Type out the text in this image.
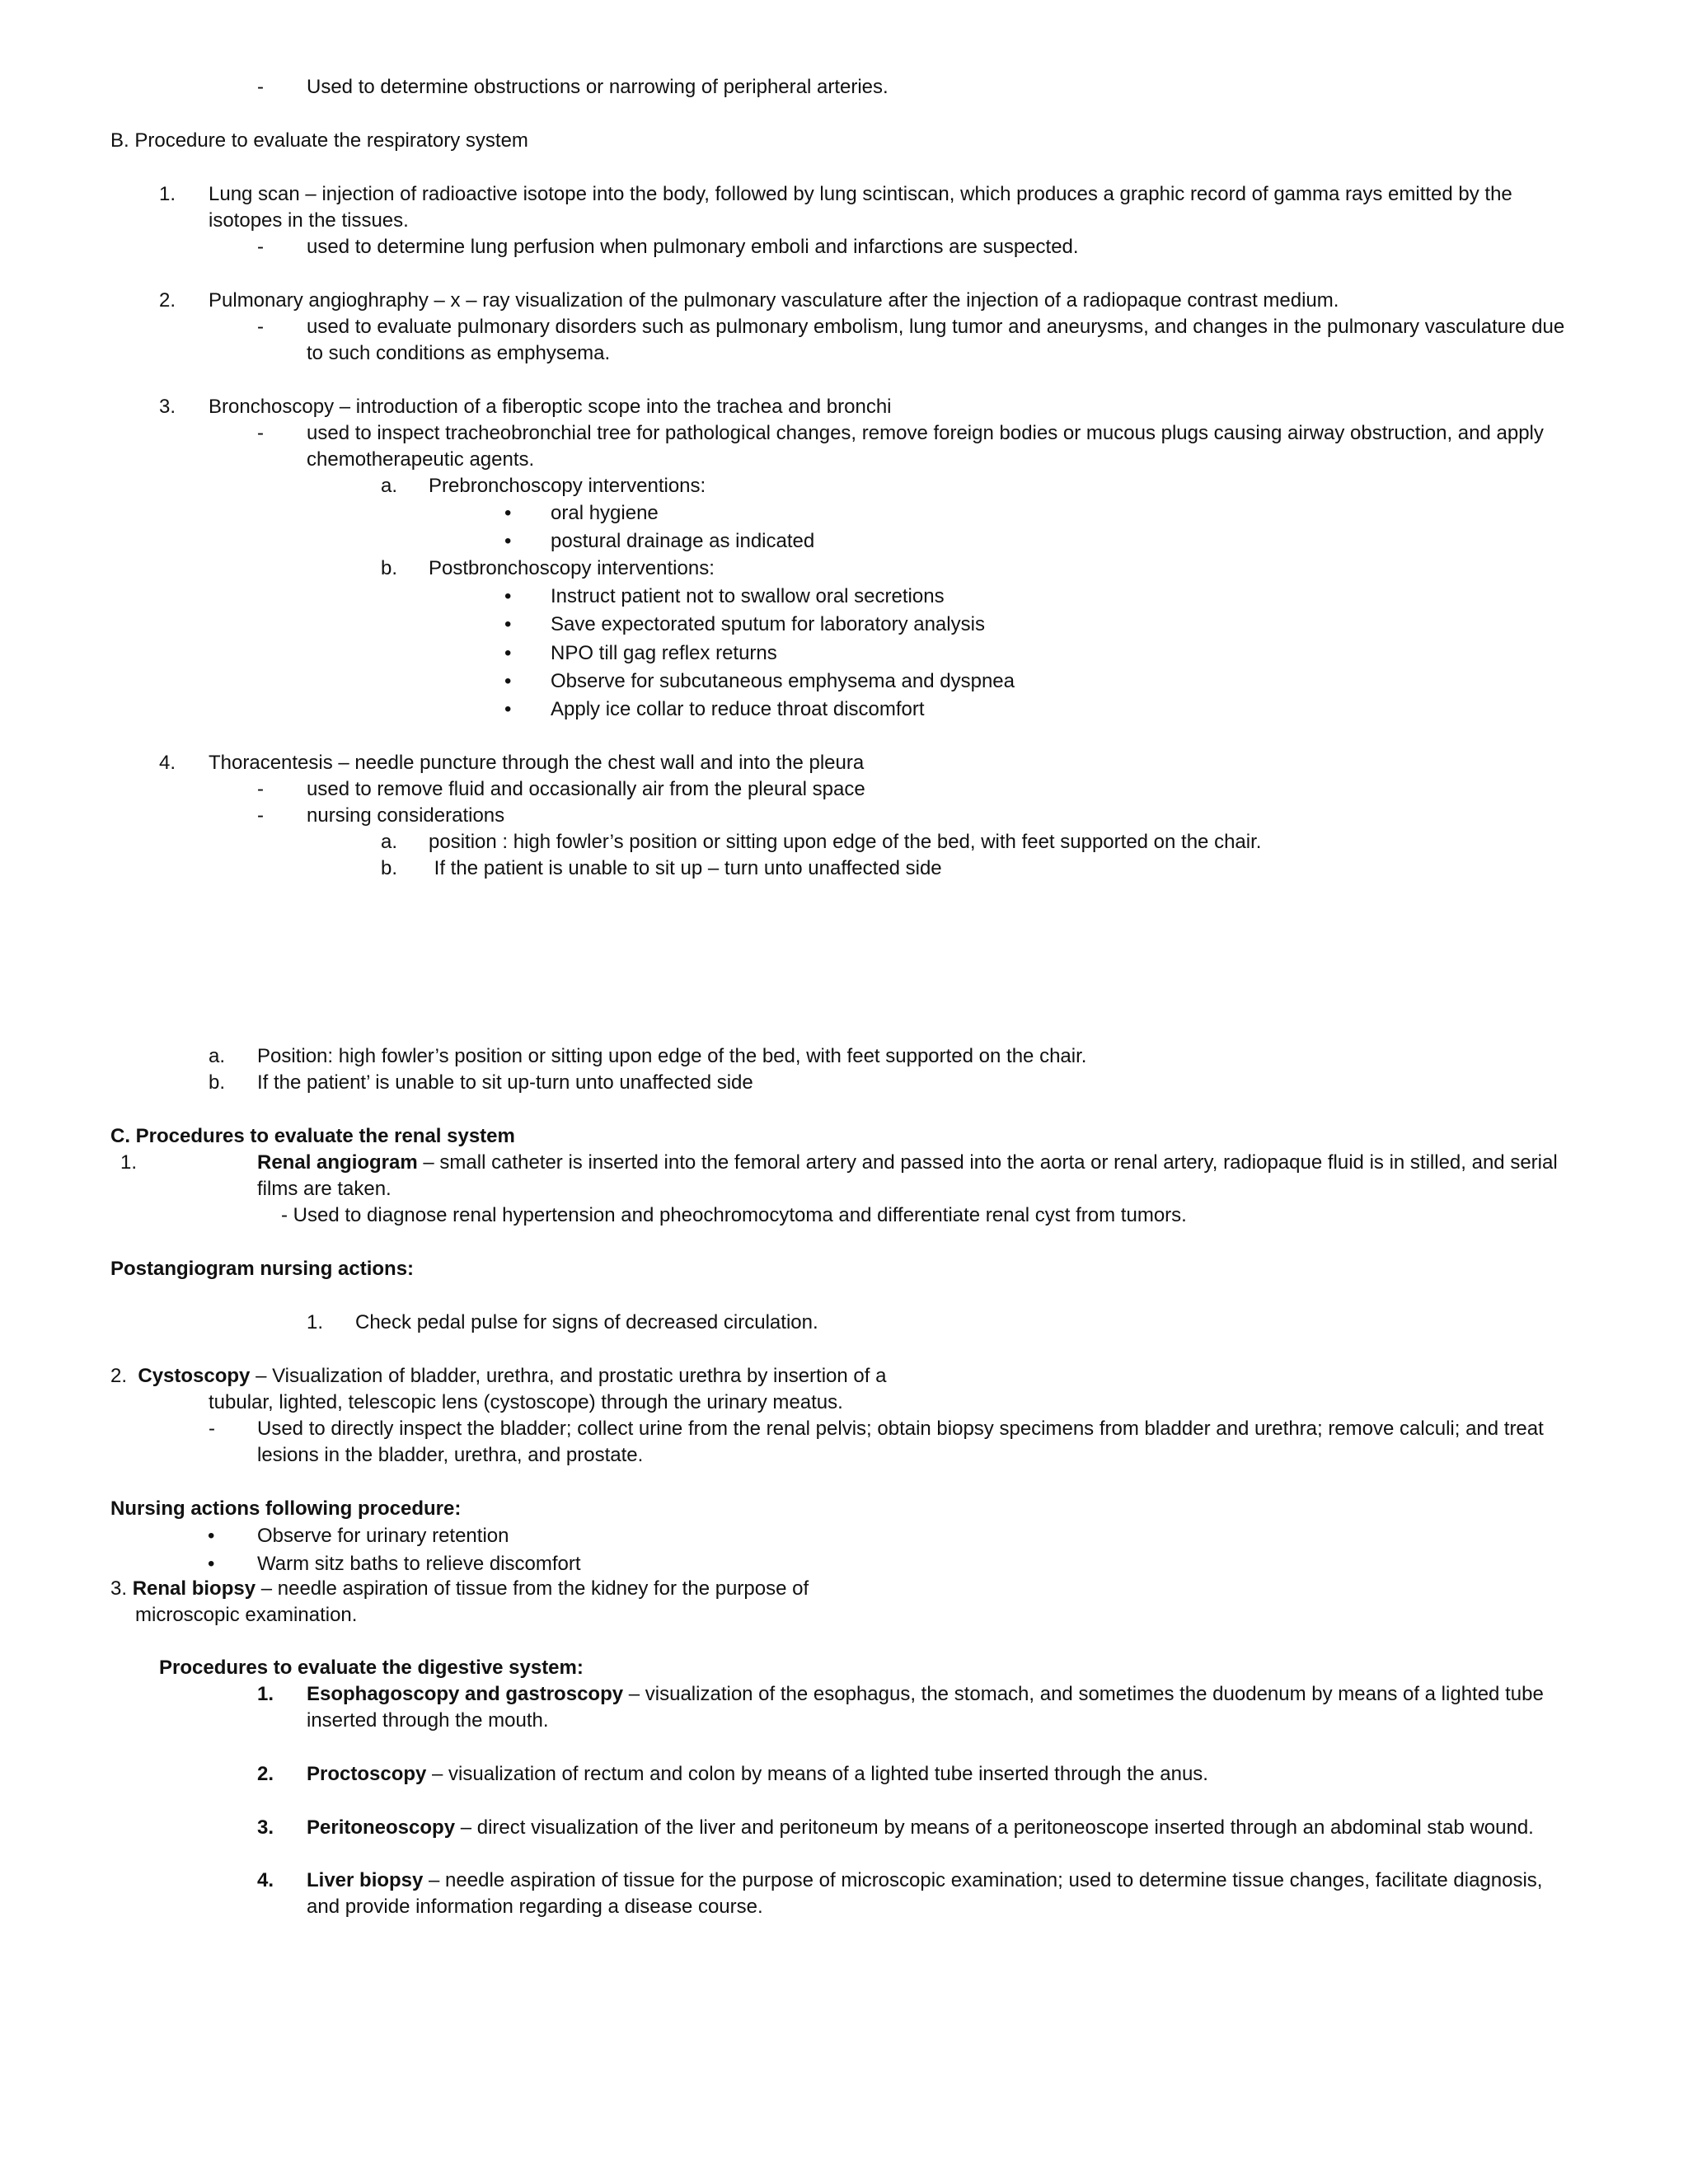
- Used to determine obstructions or narrowing of peripheral arteries.
B. Procedure to evaluate the respiratory system
1. Lung scan – injection of radioactive isotope into the body, followed by lung scintiscan, which produces a graphic record of gamma rays emitted by the
isotopes in the tissues.
- used to determine lung perfusion when pulmonary emboli and infarctions are suspected.
2. Pulmonary angioghraphy – x – ray visualization of the pulmonary vasculature after the injection of a radiopaque contrast medium.
- used to evaluate pulmonary disorders such as pulmonary embolism, lung tumor and aneurysms, and changes in the pulmonary vasculature due
to such conditions as emphysema.
3. Bronchoscopy – introduction of a fiberoptic scope into the trachea and bronchi
- used to inspect tracheobronchial tree for pathological changes, remove foreign bodies or mucous plugs causing airway obstruction, and apply
chemotherapeutic agents.
a. Prebronchoscopy interventions:
• oral hygiene
• postural drainage as indicated
b. Postbronchoscopy interventions:
• Instruct patient not to swallow oral secretions
• Save expectorated sputum for laboratory analysis
• NPO till gag reflex returns
• Observe for subcutaneous emphysema and dyspnea
• Apply ice collar to reduce throat discomfort
4. Thoracentesis – needle puncture through the chest wall and into the pleura
- used to remove fluid and occasionally air from the pleural space
- nursing considerations
a. position : high fowler’s position or sitting upon edge of the bed, with feet supported on the chair.
b. If the patient is unable to sit up – turn unto unaffected side
a. Position: high fowler’s position or sitting upon edge of the bed, with feet supported on the chair.
b. If the patient’ is unable to sit up-turn unto unaffected side
C. Procedures to evaluate the renal system
1.	Renal angiogram – small catheter is inserted into the femoral artery and passed into the aorta or renal artery, radiopaque fluid is in stilled, and serial
films are taken.
- Used to diagnose renal hypertension and pheochromocytoma and differentiate renal cyst from tumors.
Postangiogram nursing actions:
1. Check pedal pulse for signs of decreased circulation.
2. Cystoscopy – Visualization of bladder, urethra, and prostatic urethra by insertion of a
tubular, lighted, telescopic lens (cystoscope) through the urinary meatus.
- Used to directly inspect the bladder; collect urine from the renal pelvis; obtain biopsy specimens from bladder and urethra; remove calculi; and treat
lesions in the bladder, urethra, and prostate.
Nursing actions following procedure:
• Observe for urinary retention
• Warm sitz baths to relieve discomfort
3. Renal biopsy – needle aspiration of tissue from the kidney for the purpose of
microscopic examination.
Procedures to evaluate the digestive system:
1. Esophagoscopy and gastroscopy – visualization of the esophagus, the stomach, and sometimes the duodenum by means of a lighted tube
inserted through the mouth.
2. Proctoscopy – visualization of rectum and colon by means of a lighted tube inserted through the anus.
3. Peritoneoscopy – direct visualization of the liver and peritoneum by means of a peritoneoscope inserted through an abdominal stab wound.
4. Liver biopsy – needle aspiration of tissue for the purpose of microscopic examination; used to determine tissue changes, facilitate diagnosis,
and provide information regarding a disease course.
